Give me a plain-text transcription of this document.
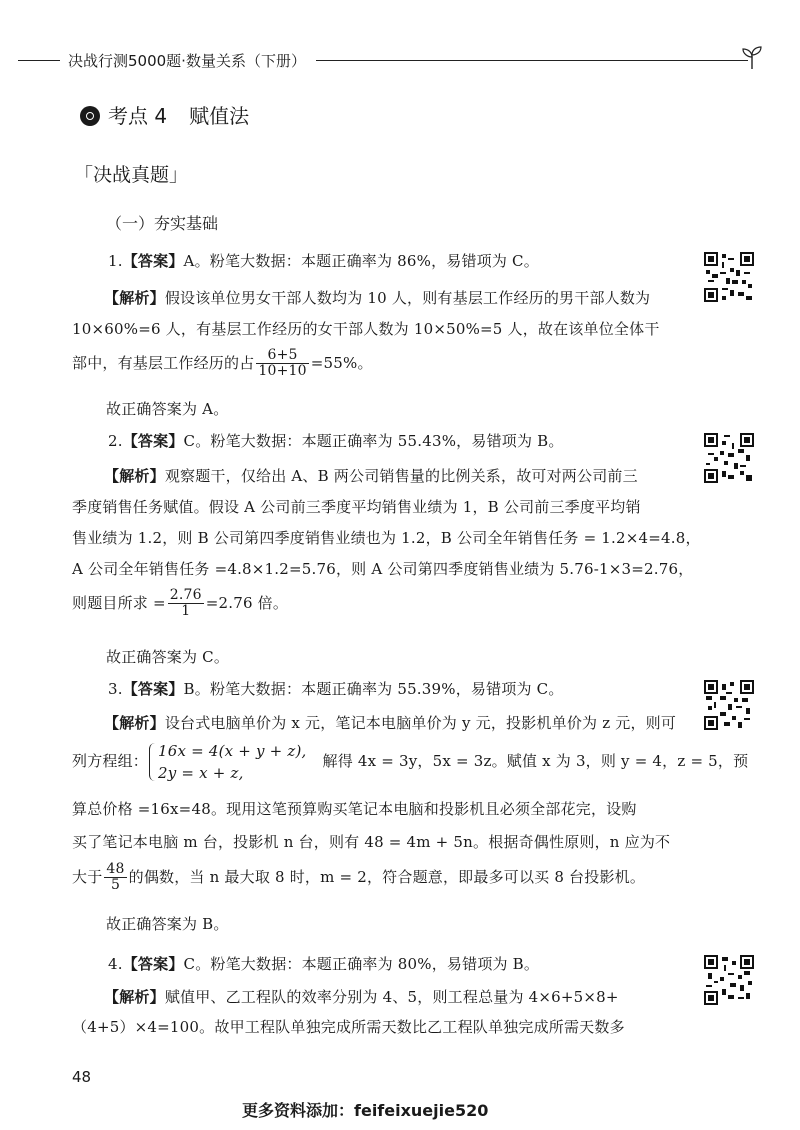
决战行测5000题·数量关系（下册）
考点 4 赋值法
「决战真题」
（一）夯实基础
1.【答案】A。粉笔大数据：本题正确率为 86%，易错项为 C。
【解析】假设该单位男女干部人数均为 10 人，则有基层工作经历的男干部人数为
10×60%=6 人，有基层工作经历的女干部人数为 10×50%=5 人，故在该单位全体干
部中，有基层工作经历的占 $\frac{6+5}{10+10} =55\%$。
故正确答案为 A。
2.【答案】C。粉笔大数据：本题正确率为 55.43%，易错项为 B。
【解析】观察题干，仅给出 A、B 两公司销售量的比例关系，故可对两公司前三
季度销售任务赋值。假设 A 公司前三季度平均销售业绩为 1，B 公司前三季度平均销
售业绩为 1.2，则 B 公司第四季度销售业绩也为 1.2，B 公司全年销售任务 = 1.2×4=4.8，
A 公司全年销售任务 =4.8×1.2=5.76，则 A 公司第四季度销售业绩为 5.76-1×3=2.76，
则题目所求 = $\frac{2.76}{1} =2.76$ 倍。
故正确答案为 C。
3.【答案】B。粉笔大数据：本题正确率为 55.39%，易错项为 C。
【解析】设台式电脑单价为 x 元，笔记本电脑单价为 y 元，投影机单价为 z 元，则可
列方程组：
16x = 4(x + y + z),
2y = x + z,
解得 4x = 3y，5x = 3z。赋值 x 为 3，则 y = 4，z = 5，预
算总价格 =16x=48。现用这笔预算购买笔记本电脑和投影机且必须全部花完，设购
买了笔记本电脑 m 台，投影机 n 台，则有 48 = 4m + 5n。根据奇偶性原则，n 应为不
大于 $\frac{48}{5}$ 的偶数，当 n 最大取 8 时，m = 2，符合题意，即最多可以买 8 台投影机。
故正确答案为 B。
4.【答案】C。粉笔大数据：本题正确率为 80%，易错项为 B。
【解析】赋值甲、乙工程队的效率分别为 4、5，则工程总量为 4×6+5×8+
（4+5）×4=100。故甲工程队单独完成所需天数比乙工程队单独完成所需天数多
48
更多资料添加：feifeixuejie520
